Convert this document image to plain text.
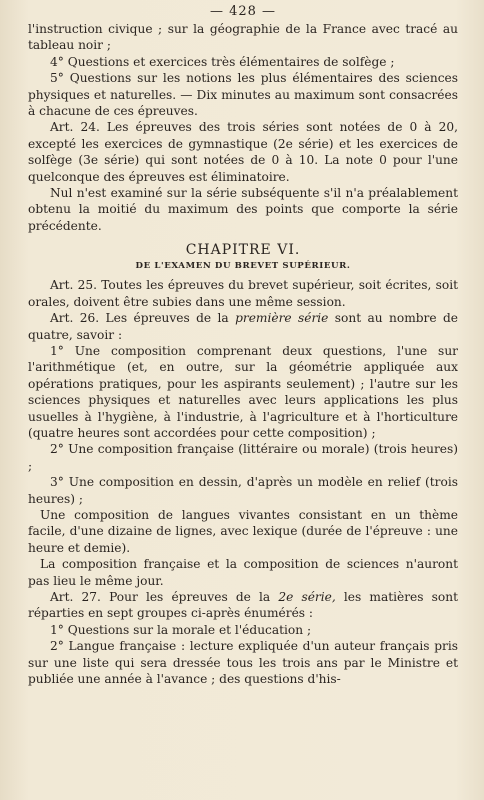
— 428 —

l'instruction civique ; sur la géographie de la France avec tracé au tableau noir ;

4° Questions et exercices très élémentaires de solfège ;

5° Questions sur les notions les plus élémentaires des sciences physiques et naturelles. — Dix minutes au maximum sont consacrées à chacune de ces épreuves.

Art. 24. Les épreuves des trois séries sont notées de 0 à 20, excepté les exercices de gymnastique (2e série) et les exercices de solfège (3e série) qui sont notées de 0 à 10. La note 0 pour l'une quelconque des épreuves est éliminatoire.

Nul n'est examiné sur la série subséquente s'il n'a préalablement obtenu la moitié du maximum des points que comporte la série précédente.

CHAPITRE VI.
DE L'EXAMEN DU BREVET SUPÉRIEUR.

Art. 25. Toutes les épreuves du brevet supérieur, soit écrites, soit orales, doivent être subies dans une même session.

Art. 26. Les épreuves de la première série sont au nombre de quatre, savoir :

1° Une composition comprenant deux questions, l'une sur l'arithmétique (et, en outre, sur la géométrie appliquée aux opérations pratiques, pour les aspirants seulement) ; l'autre sur les sciences physiques et naturelles avec leurs applications les plus usuelles à l'hygiène, à l'industrie, à l'agriculture et à l'horticulture (quatre heures sont accordées pour cette composition) ;

2° Une composition française (littéraire ou morale) (trois heures) ;

3° Une composition en dessin, d'après un modèle en relief (trois heures) ;

Une composition de langues vivantes consistant en un thème facile, d'une dizaine de lignes, avec lexique (durée de l'épreuve : une heure et demie).

La composition française et la composition de sciences n'auront pas lieu le même jour.

Art. 27. Pour les épreuves de la 2e série, les matières sont réparties en sept groupes ci-après énumérés :

1° Questions sur la morale et l'éducation ;

2° Langue française : lecture expliquée d'un auteur français pris sur une liste qui sera dressée tous les trois ans par le Ministre et publiée une année à l'avance ; des questions d'his-
